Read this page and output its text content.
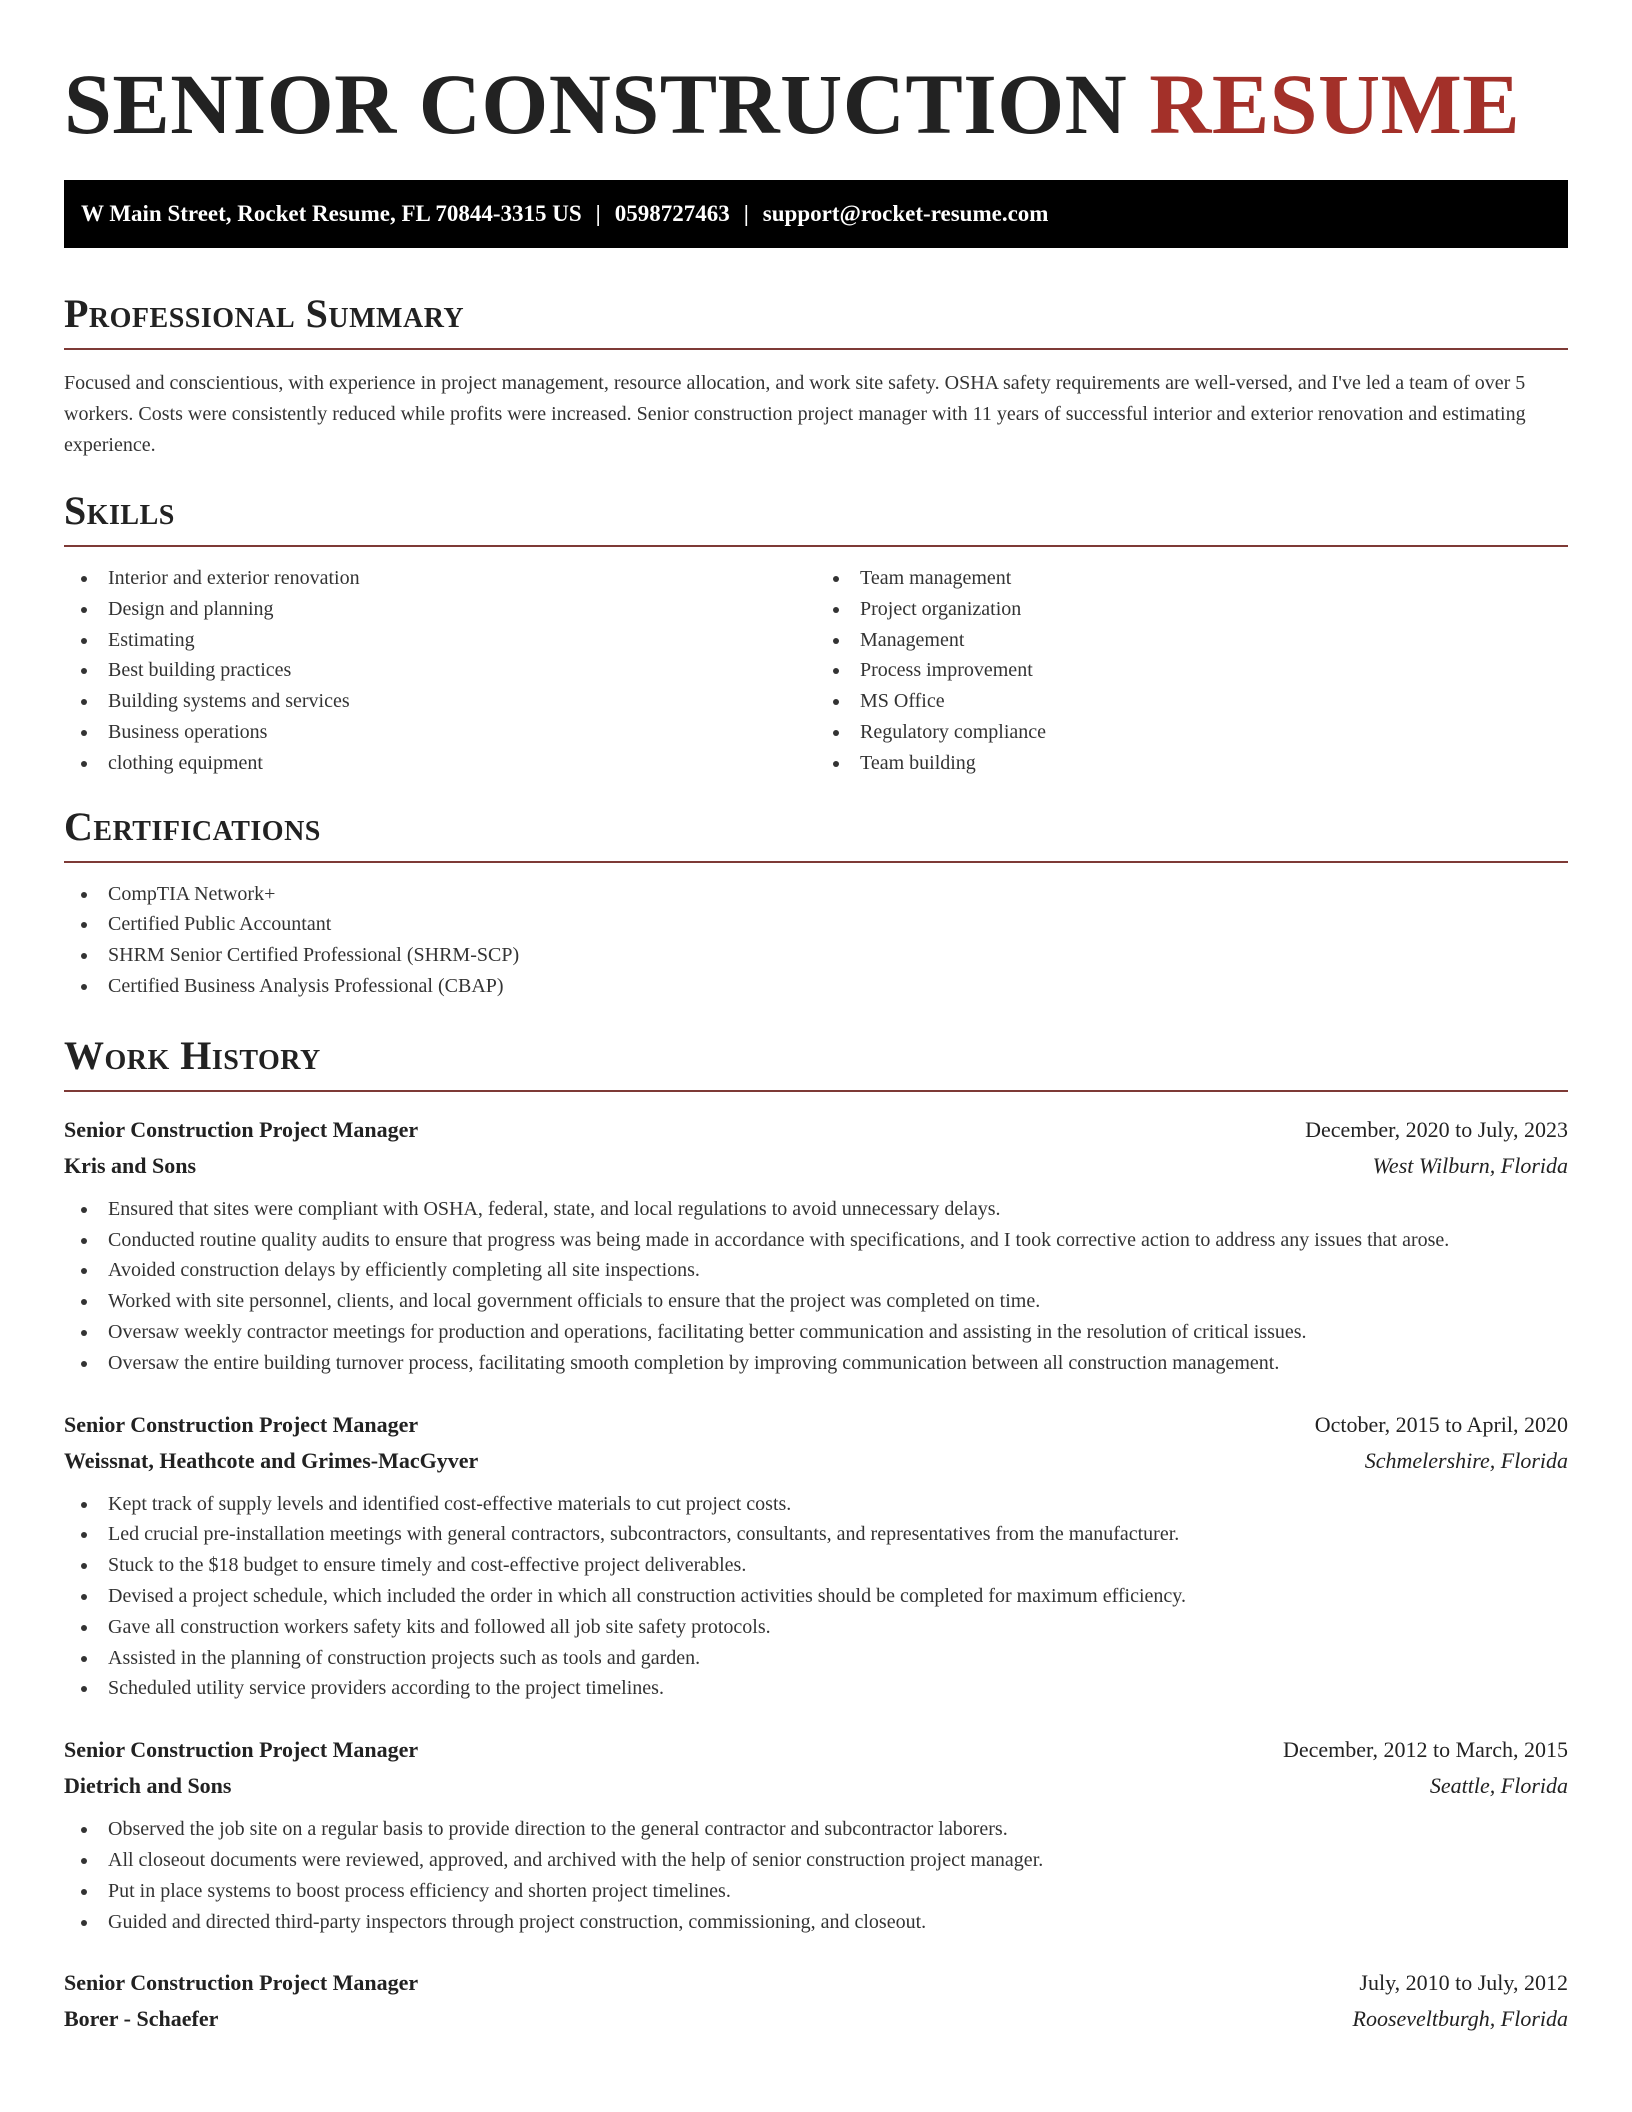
SENIOR CONSTRUCTION RESUME
W Main Street, Rocket Resume, FL 70844-3315 US | 0598727463 | support@rocket-resume.com
Professional Summary

Focused and conscientious, with experience in project management, resource allocation, and work site safety. OSHA safety requirements are well-versed, and I've led a team of over 5 workers. Costs were consistently reduced while profits were increased. Senior construction project manager with 11 years of successful interior and exterior renovation and estimating experience.

Skills
Interior and exterior renovation
Design and planning
Estimating
Best building practices
Building systems and services
Business operations
clothing equipment
Team management
Project organization
Management
Process improvement
MS Office
Regulatory compliance
Team building
Certifications
CompTIA Network+
Certified Public Accountant
SHRM Senior Certified Professional (SHRM-SCP)
Certified Business Analysis Professional (CBAP)
Work History
Senior Construction Project Manager	December, 2020 to July, 2023
Kris and Sons	West Wilburn, Florida
Ensured that sites were compliant with OSHA, federal, state, and local regulations to avoid unnecessary delays.
Conducted routine quality audits to ensure that progress was being made in accordance with specifications, and I took corrective action to address any issues that arose.
Avoided construction delays by efficiently completing all site inspections.
Worked with site personnel, clients, and local government officials to ensure that the project was completed on time.
Oversaw weekly contractor meetings for production and operations, facilitating better communication and assisting in the resolution of critical issues.
Oversaw the entire building turnover process, facilitating smooth completion by improving communication between all construction management.
Senior Construction Project Manager	October, 2015 to April, 2020
Weissnat, Heathcote and Grimes-MacGyver	Schmelershire, Florida
Kept track of supply levels and identified cost-effective materials to cut project costs.
Led crucial pre-installation meetings with general contractors, subcontractors, consultants, and representatives from the manufacturer.
Stuck to the $18 budget to ensure timely and cost-effective project deliverables.
Devised a project schedule, which included the order in which all construction activities should be completed for maximum efficiency.
Gave all construction workers safety kits and followed all job site safety protocols.
Assisted in the planning of construction projects such as tools and garden.
Scheduled utility service providers according to the project timelines.
Senior Construction Project Manager	December, 2012 to March, 2015
Dietrich and Sons	Seattle, Florida
Observed the job site on a regular basis to provide direction to the general contractor and subcontractor laborers.
All closeout documents were reviewed, approved, and archived with the help of senior construction project manager.
Put in place systems to boost process efficiency and shorten project timelines.
Guided and directed third-party inspectors through project construction, commissioning, and closeout.
Senior Construction Project Manager	July, 2010 to July, 2012
Borer - Schaefer	Rooseveltburgh, Florida
